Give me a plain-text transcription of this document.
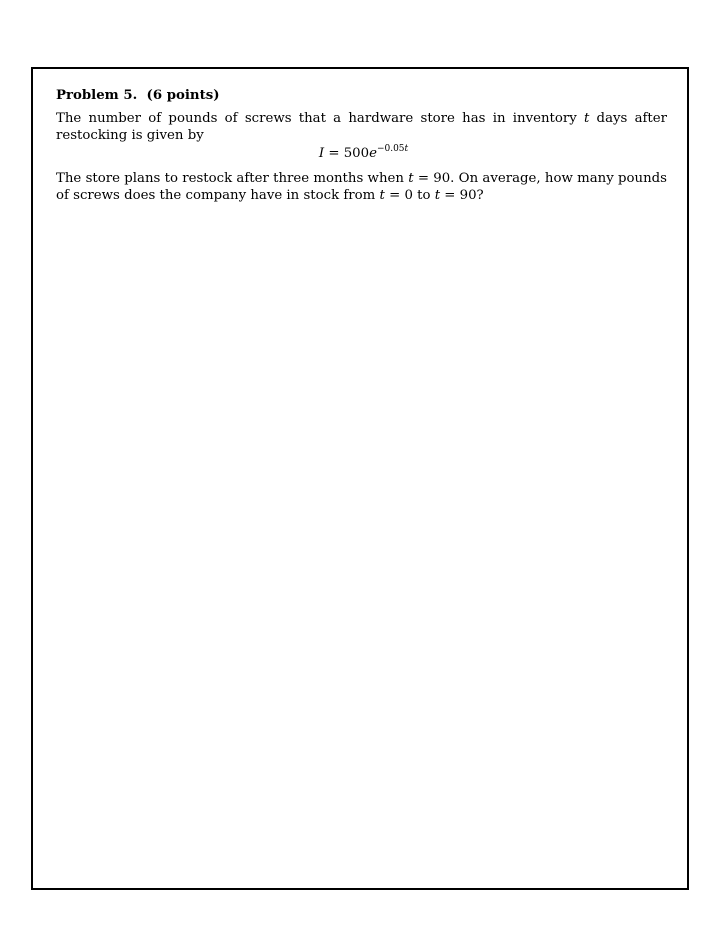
Problem 5. (6 points)

The number of pounds of screws that a hardware store has in inventory t days after restocking is given by

$I = 500e^{-0.05t}$

The store plans to restock after three months when t = 90. On average, how many pounds of screws does the company have in stock from t = 0 to t = 90?
